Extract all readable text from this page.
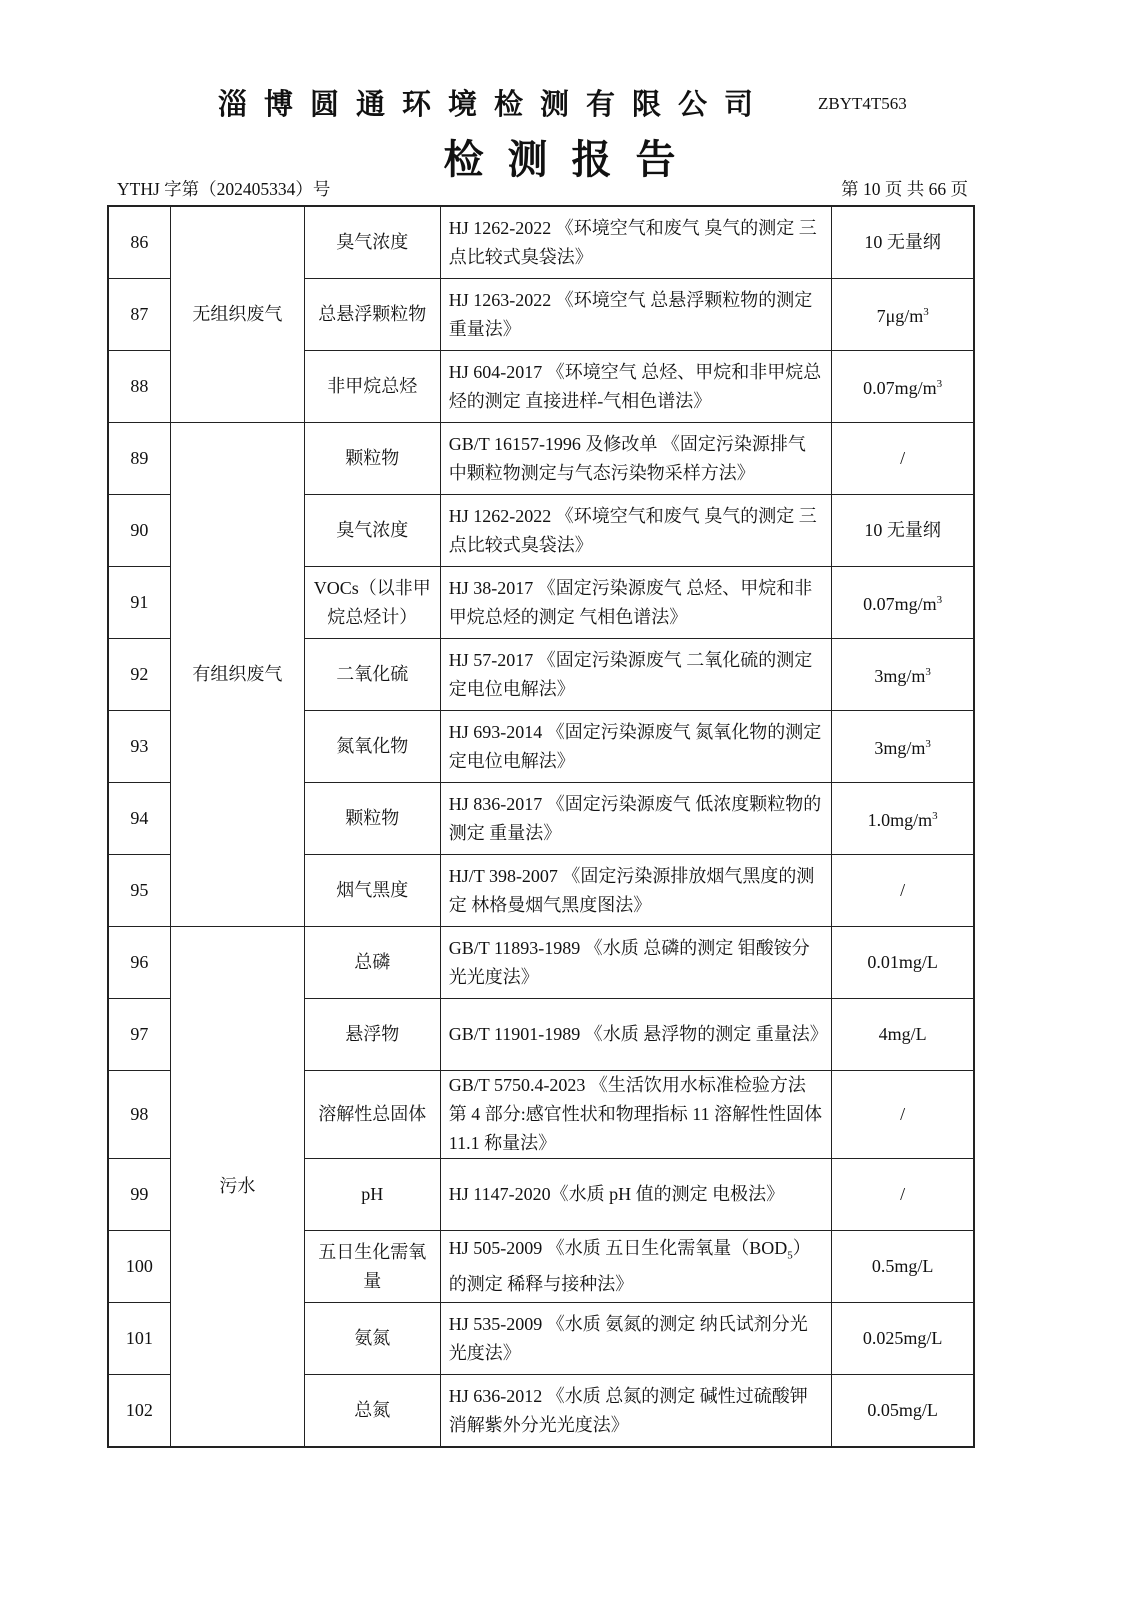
淄博圆通环境检测有限公司	ZBYT4T563
检测报告
YTHJ 字第（202405334）号	第 10 页 共 66 页
86	无组织废气	臭气浓度	HJ 1262-2022 《环境空气和废气 臭气的测定 三点比较式臭袋法》	10 无量纲
87		总悬浮颗粒物	HJ 1263-2022 《环境空气 总悬浮颗粒物的测定 重量法》	$7\mu g/m^3$
88		非甲烷总烃	HJ 604-2017 《环境空气 总烃、甲烷和非甲烷总烃的测定 直接进样-气相色谱法》	$0.07mg/m^3$
89	有组织废气	颗粒物	GB/T 16157-1996 及修改单 《固定污染源排气中颗粒物测定与气态污染物采样方法》	/
90		臭气浓度	HJ 1262-2022 《环境空气和废气 臭气的测定 三点比较式臭袋法》	10 无量纲
91		VOCs（以非甲烷总烃计）	HJ 38-2017 《固定污染源废气 总烃、甲烷和非甲烷总烃的测定 气相色谱法》	$0.07mg/m^3$
92		二氧化硫	HJ 57-2017 《固定污染源废气 二氧化硫的测定 定电位电解法》	$3mg/m^3$
93		氮氧化物	HJ 693-2014 《固定污染源废气 氮氧化物的测定 定电位电解法》	$3mg/m^3$
94		颗粒物	HJ 836-2017 《固定污染源废气 低浓度颗粒物的测定 重量法》	$1.0mg/m^3$
95		烟气黑度	HJ/T 398-2007 《固定污染源排放烟气黑度的测定 林格曼烟气黑度图法》	/
96	污水	总磷	GB/T 11893-1989 《水质 总磷的测定 钼酸铵分光光度法》	0.01mg/L
97		悬浮物	GB/T 11901-1989 《水质 悬浮物的测定 重量法》	4mg/L
98		溶解性总固体	GB/T 5750.4-2023 《生活饮用水标准检验方法 第 4 部分:感官性状和物理指标 11 溶解性性固体 11.1 称量法》	/
99		pH	HJ 1147-2020《水质 pH 值的测定 电极法》	/
100		五日生化需氧量	HJ 505-2009 《水质 五日生化需氧量$(BOD_5)$的测定 稀释与接种法》	0.5mg/L
101		氨氮	HJ 535-2009 《水质 氨氮的测定 纳氏试剂分光光度法》	0.025mg/L
102		总氮	HJ 636-2012 《水质 总氮的测定 碱性过硫酸钾消解紫外分光光度法》	0.05mg/L
